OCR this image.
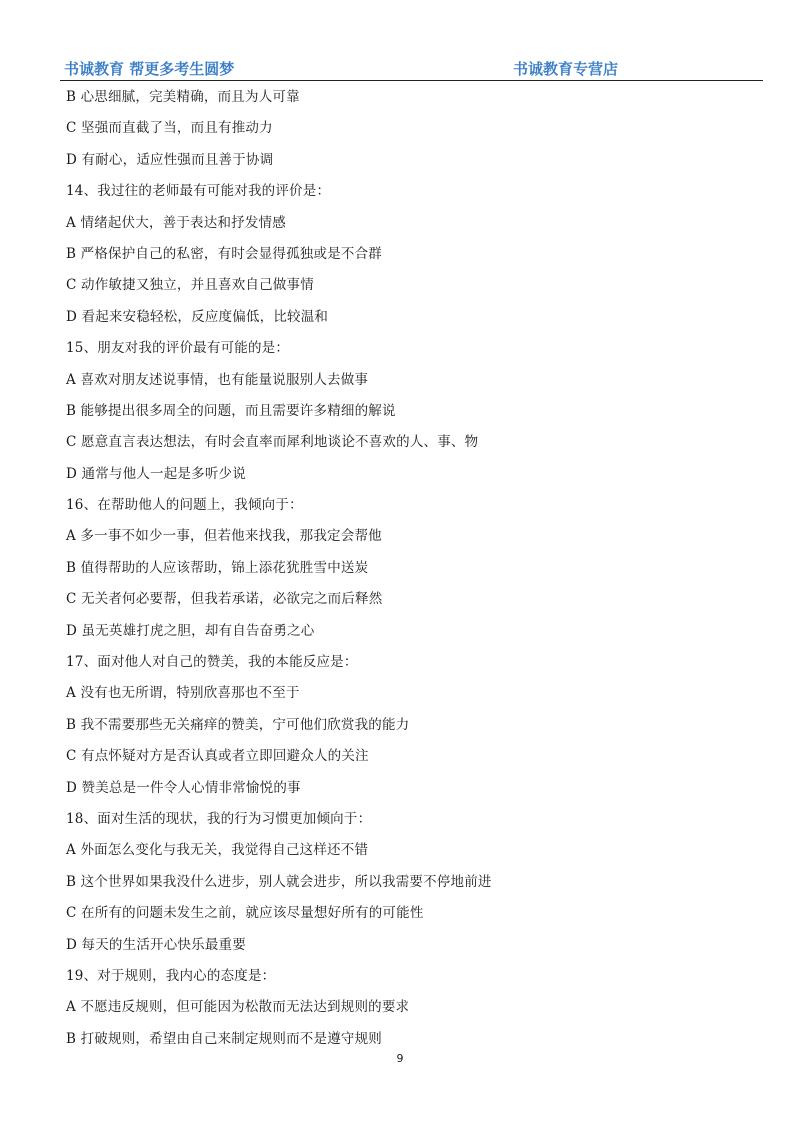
书诚教育 帮更多考生圆梦	书诚教育专营店
B 心思细腻，完美精确，而且为人可靠
C 坚强而直截了当，而且有推动力
D 有耐心，适应性强而且善于协调
14、我过往的老师最有可能对我的评价是：
A 情绪起伏大，善于表达和抒发情感
B 严格保护自己的私密，有时会显得孤独或是不合群
C 动作敏捷又独立，并且喜欢自己做事情
D 看起来安稳轻松，反应度偏低，比较温和
15、朋友对我的评价最有可能的是：
A 喜欢对朋友述说事情，也有能量说服别人去做事
B 能够提出很多周全的问题，而且需要许多精细的解说
C 愿意直言表达想法，有时会直率而犀利地谈论不喜欢的人、事、物
D 通常与他人一起是多听少说
16、在帮助他人的问题上，我倾向于：
A 多一事不如少一事，但若他来找我，那我定会帮他
B 值得帮助的人应该帮助，锦上添花犹胜雪中送炭
C 无关者何必要帮，但我若承诺，必欲完之而后释然
D 虽无英雄打虎之胆，却有自告奋勇之心
17、面对他人对自己的赞美，我的本能反应是：
A 没有也无所谓，特别欣喜那也不至于
B 我不需要那些无关痛痒的赞美，宁可他们欣赏我的能力
C 有点怀疑对方是否认真或者立即回避众人的关注
D 赞美总是一件令人心情非常愉悦的事
18、面对生活的现状，我的行为习惯更加倾向于：
A 外面怎么变化与我无关，我觉得自己这样还不错
B 这个世界如果我没什么进步，别人就会进步，所以我需要不停地前进
C 在所有的问题未发生之前，就应该尽量想好所有的可能性
D 每天的生活开心快乐最重要
19、对于规则，我内心的态度是：
A 不愿违反规则，但可能因为松散而无法达到规则的要求
B 打破规则，希望由自己来制定规则而不是遵守规则
9
